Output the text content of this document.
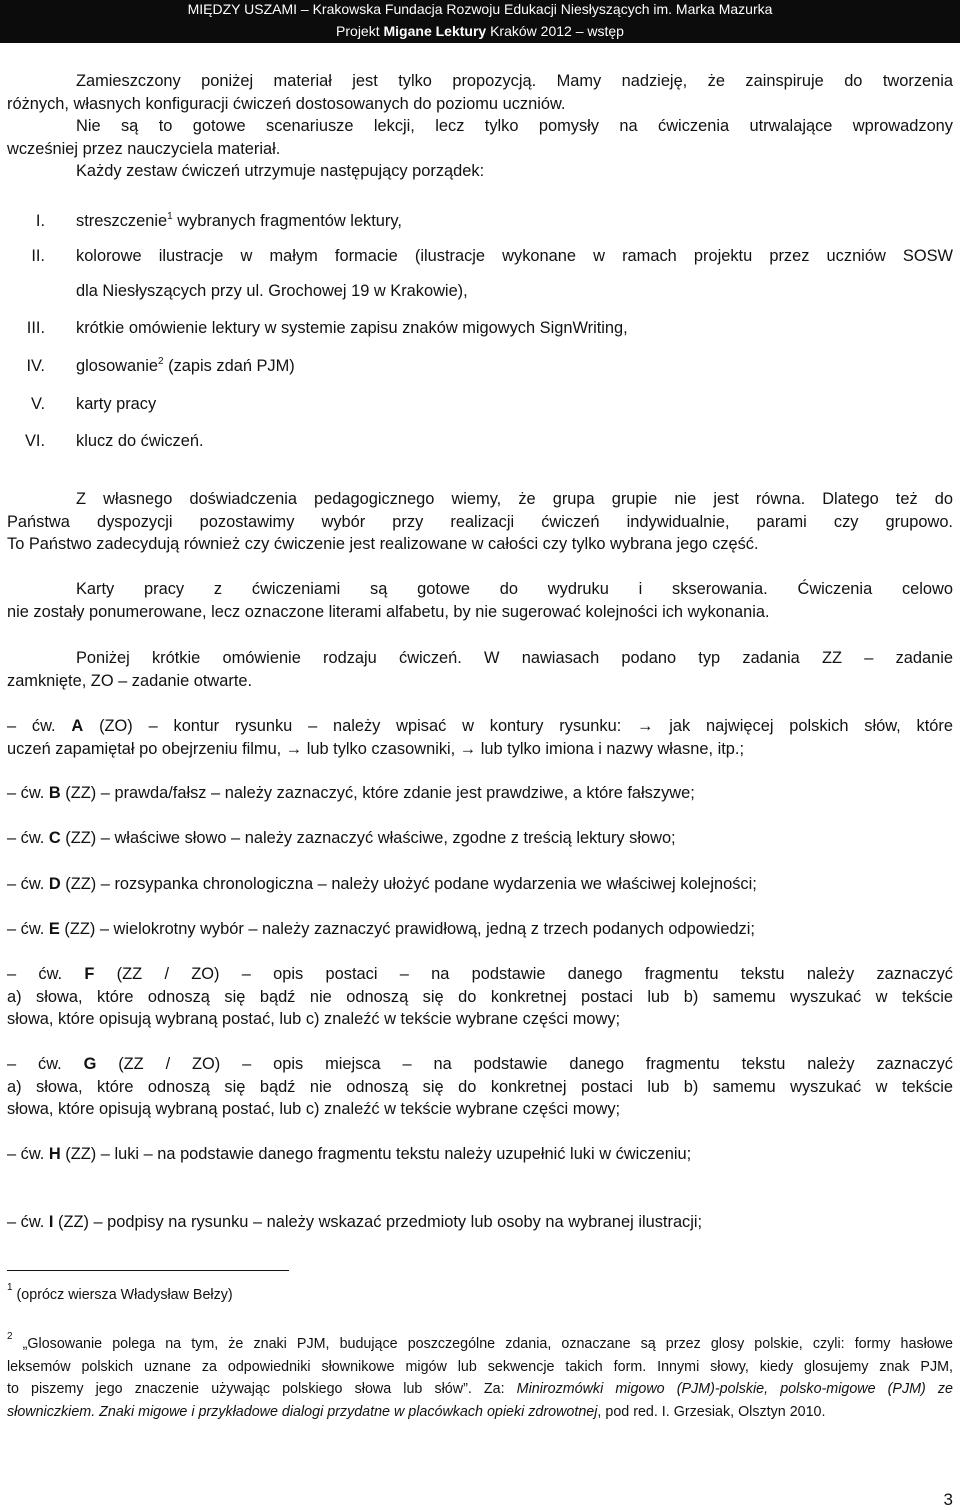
MIĘDZY USZAMI – Krakowska Fundacja Rozwoju Edukacji Niesłyszących im. Marka Mazurka
Projekt Migane Lektury Kraków 2012 – wstęp
Zamieszczony poniżej materiał jest tylko propozycją. Mamy nadzieję, że zainspiruje do tworzenia
różnych, własnych konfiguracji ćwiczeń dostosowanych do poziomu uczniów.
Nie są to gotowe scenariusze lekcji, lecz tylko pomysły na ćwiczenia utrwalające wprowadzony
wcześniej przez nauczyciela materiał.
Każdy zestaw ćwiczeń utrzymuje następujący porządek:
I. streszczenie$^1$ wybranych fragmentów lektury,
II. kolorowe ilustracje w małym formacie (ilustracje wykonane w ramach projektu przez uczniów SOSW
dla Niesłyszących przy ul. Grochowej 19 w Krakowie),
III. krótkie omówienie lektury w systemie zapisu znaków migowych SignWriting,
IV. glosowanie$^2$ (zapis zdań PJM)
V. karty pracy
VI. klucz do ćwiczeń.
Z własnego doświadczenia pedagogicznego wiemy, że grupa grupie nie jest równa. Dlatego też do
Państwa dyspozycji pozostawimy wybór przy realizacji ćwiczeń indywidualnie, parami czy grupowo.
To Państwo zadecydują również czy ćwiczenie jest realizowane w całości czy tylko wybrana jego część.
Karty pracy z ćwiczeniami są gotowe do wydruku i skserowania. Ćwiczenia celowo
nie zostały ponumerowane, lecz oznaczone literami alfabetu, by nie sugerować kolejności ich wykonania.
Poniżej krótkie omówienie rodzaju ćwiczeń. W nawiasach podano typ zadania ZZ – zadanie
zamknięte, ZO – zadanie otwarte.
– ćw. A (ZO) – kontur rysunku – należy wpisać w kontury rysunku: → jak najwięcej polskich słów, które
uczeń zapamiętał po obejrzeniu filmu, → lub tylko czasowniki, → lub tylko imiona i nazwy własne, itp.;
– ćw. B (ZZ) – prawda/fałsz – należy zaznaczyć, które zdanie jest prawdziwe, a które fałszywe;
– ćw. C (ZZ) – właściwe słowo – należy zaznaczyć właściwe, zgodne z treścią lektury słowo;
– ćw. D (ZZ) – rozsypanka chronologiczna – należy ułożyć podane wydarzenia we właściwej kolejności;
– ćw. E (ZZ) – wielokrotny wybór – należy zaznaczyć prawidłową, jedną z trzech podanych odpowiedzi;
– ćw. F (ZZ / ZO) – opis postaci – na podstawie danego fragmentu tekstu należy zaznaczyć
a) słowa, które odnoszą się bądź nie odnoszą się do konkretnej postaci lub b) samemu wyszukać w tekście
słowa, które opisują wybraną postać, lub c) znaleźć w tekście wybrane części mowy;
– ćw. G (ZZ / ZO) – opis miejsca – na podstawie danego fragmentu tekstu należy zaznaczyć
a) słowa, które odnoszą się bądź nie odnoszą się do konkretnej postaci lub b) samemu wyszukać w tekście
słowa, które opisują wybraną postać, lub c) znaleźć w tekście wybrane części mowy;
– ćw. H (ZZ) – luki – na podstawie danego fragmentu tekstu należy uzupełnić luki w ćwiczeniu;
– ćw. I (ZZ) – podpisy na rysunku – należy wskazać przedmioty lub osoby na wybranej ilustracji;
$^1$ (oprócz wiersza Władysław Bełzy)
$^2$ „Glosowanie polega na tym, że znaki PJM, budujące poszczególne zdania, oznaczane są przez glosy polskie, czyli: formy hasłowe
leksemów polskich uznane za odpowiedniki słownikowe migów lub sekwencje takich form. Innymi słowy, kiedy glosujemy znak PJM,
to piszemy jego znaczenie używając polskiego słowa lub słów”. Za: Minirozmówki migowo (PJM)-polskie, polsko-migowe (PJM) ze
słowniczkiem. Znaki migowe i przykładowe dialogi przydatne w placówkach opieki zdrowotnej, pod red. I. Grzesiak, Olsztyn 2010.
3
